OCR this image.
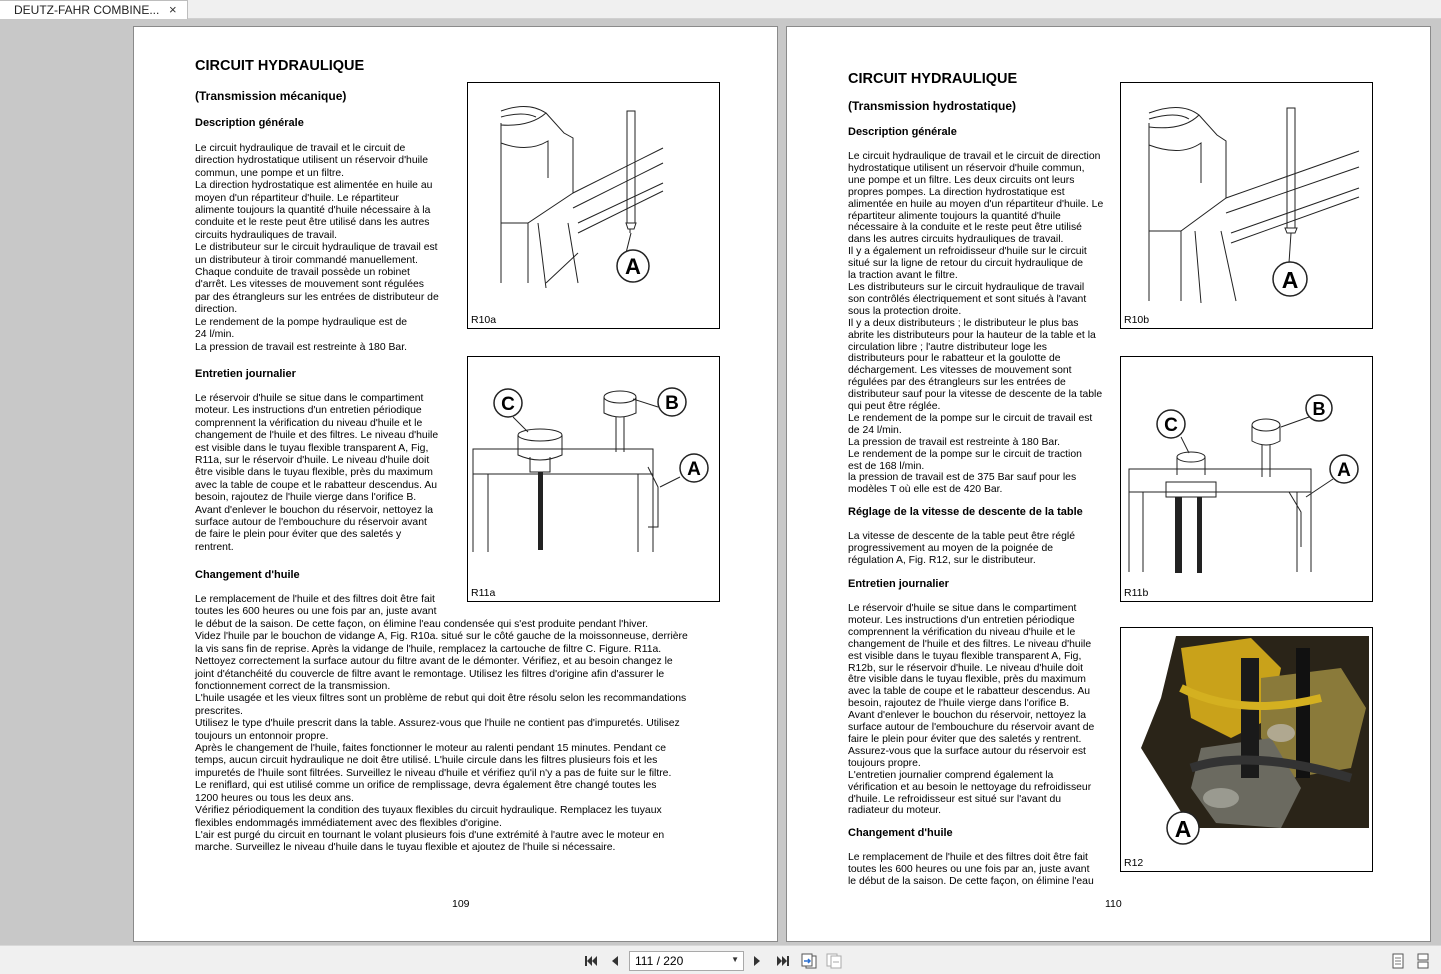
DEUTZ-FAHR COMBINE... ×
CIRCUIT HYDRAULIQUE
(Transmission mécanique)
Description générale
Le circuit hydraulique de travail et le circuit de
direction hydrostatique utilisent un réservoir d'huile
commun, une pompe et un filtre.
La direction hydrostatique est alimentée en huile au
moyen d'un répartiteur d'huile. Le répartiteur
alimente toujours la quantité d'huile nécessaire à la
conduite et le reste peut être utilisé dans les autres
circuits hydrauliques de travail.
Le distributeur sur le circuit hydraulique de travail est
un distributeur à tiroir commandé manuellement.
Chaque conduite de travail possède un robinet
d'arrêt. Les vitesses de mouvement sont régulées
par des étrangleurs sur les entrées de distributeur de
direction.
Le rendement de la pompe hydraulique est de
24 l/min.
La pression de travail est restreinte à 180 Bar.
Entretien journalier
Le réservoir d'huile se situe dans le compartiment
moteur. Les instructions d'un entretien périodique
comprennent la vérification du niveau d'huile et le
changement de l'huile et des filtres. Le niveau d'huile
est visible dans le tuyau flexible transparent A, Fig,
R11a, sur le réservoir d'huile. Le niveau d'huile doit
être visible dans le tuyau flexible, près du maximum
avec la table de coupe et le rabatteur descendus. Au
besoin, rajoutez de l'huile vierge dans l'orifice B.
Avant d'enlever le bouchon du réservoir, nettoyez la
surface autour de l'embouchure du réservoir avant
de faire le plein pour éviter que des saletés y
rentrent.
Changement d'huile
Le remplacement de l'huile et des filtres doit être fait
toutes les 600 heures ou une fois par an, juste avant
le début de la saison. De cette façon, on élimine l'eau condensée qui s'est produite pendant l'hiver.
Videz l'huile par le bouchon de vidange A, Fig. R10a. situé sur le côté gauche de la moissonneuse, derrière
la vis sans fin de reprise. Après la vidange de l'huile, remplacez la cartouche de filtre C. Figure. R11a.
Nettoyez correctement la surface autour du filtre avant de le démonter. Vérifiez, et au besoin changez le
joint d'étanchéité du couvercle de filtre avant le remontage. Utilisez les filtres d'origine afin d'assurer le
fonctionnement correct de la transmission.
L'huile usagée et les vieux filtres sont un problème de rebut qui doit être résolu selon les recommandations
prescrites.
Utilisez le type d'huile prescrit dans la table. Assurez-vous que l'huile ne contient pas d'impuretés. Utilisez
toujours un entonnoir propre.
Après le changement de l'huile, faites fonctionner le moteur au ralenti pendant 15 minutes. Pendant ce
temps, aucun circuit hydraulique ne doit être utilisé. L'huile circule dans les filtres plusieurs fois et les
impuretés de l'huile sont filtrées. Surveillez le niveau d'huile et vérifiez qu'il n'y a pas de fuite sur le filtre.
Le reniflard, qui est utilisé comme un orifice de remplissage, devra également être changé toutes les
1200 heures ou tous les deux ans.
Vérifiez périodiquement la condition des tuyaux flexibles du circuit hydraulique. Remplacez les tuyaux
flexibles endommagés immédiatement avec des flexibles d'origine.
L'air est purgé du circuit en tournant le volant plusieurs fois d'une extrémité à l'autre avec le moteur en
marche. Surveillez le niveau d'huile dans le tuyau flexible et ajoutez de l'huile si nécessaire.
A
R10a
C	B
A
R11a
109
CIRCUIT HYDRAULIQUE
(Transmission hydrostatique)
Description générale
Le circuit hydraulique de travail et le circuit de direction
hydrostatique utilisent un réservoir d'huile commun,
une pompe et un filtre. Les deux circuits ont leurs
propres pompes. La direction hydrostatique est
alimentée en huile au moyen d'un répartiteur d'huile. Le
répartiteur alimente toujours la quantité d'huile
nécessaire à la conduite et le reste peut être utilisé
dans les autres circuits hydrauliques de travail.
Il y a également un refroidisseur d'huile sur le circuit
situé sur la ligne de retour du circuit hydraulique de
la traction avant le filtre.
Les distributeurs sur le circuit hydraulique de travail
son contrôlés électriquement et sont situés à l'avant
sous la protection droite.
Il y a deux distributeurs ; le distributeur le plus bas
abrite les distributeurs pour la hauteur de la table et la
circulation libre ; l'autre distributeur loge les
distributeurs pour le rabatteur et la goulotte de
déchargement. Les vitesses de mouvement sont
régulées par des étrangleurs sur les entrées de
distributeur sauf pour la vitesse de descente de la table
qui peut être réglée.
Le rendement de la pompe sur le circuit de travail est
de 24 l/min.
La pression de travail est restreinte à 180 Bar.
Le rendement de la pompe sur le circuit de traction
est de 168 l/min.
la pression de travail est de 375 Bar sauf pour les
modèles T où elle est de 420 Bar.
Réglage de la vitesse de descente de la table
La vitesse de descente de la table peut être réglé
progressivement au moyen de la poignée de
régulation A, Fig. R12, sur le distributeur.
Entretien journalier
Le réservoir d'huile se situe dans le compartiment
moteur. Les instructions d'un entretien périodique
comprennent la vérification du niveau d'huile et le
changement de l'huile et des filtres. Le niveau d'huile
est visible dans le tuyau flexible transparent A, Fig,
R12b, sur le réservoir d'huile. Le niveau d'huile doit
être visible dans le tuyau flexible, près du maximum
avec la table de coupe et le rabatteur descendus. Au
besoin, rajoutez de l'huile vierge dans l'orifice B.
Avant d'enlever le bouchon du réservoir, nettoyez la
surface autour de l'embouchure du réservoir avant de
faire le plein pour éviter que des saletés y rentrent.
Assurez-vous que la surface autour du réservoir est
toujours propre.
L'entretien journalier comprend également la
vérification et au besoin le nettoyage du refroidisseur
d'huile. Le refroidisseur est situé sur l'avant du
radiateur du moteur.
Changement d'huile
Le remplacement de l'huile et des filtres doit être fait
toutes les 600 heures ou une fois par an, juste avant
le début de la saison. De cette façon, on élimine l'eau
A
R10b
C
B
A
R11b
A
R12
110
111 / 220	▼
